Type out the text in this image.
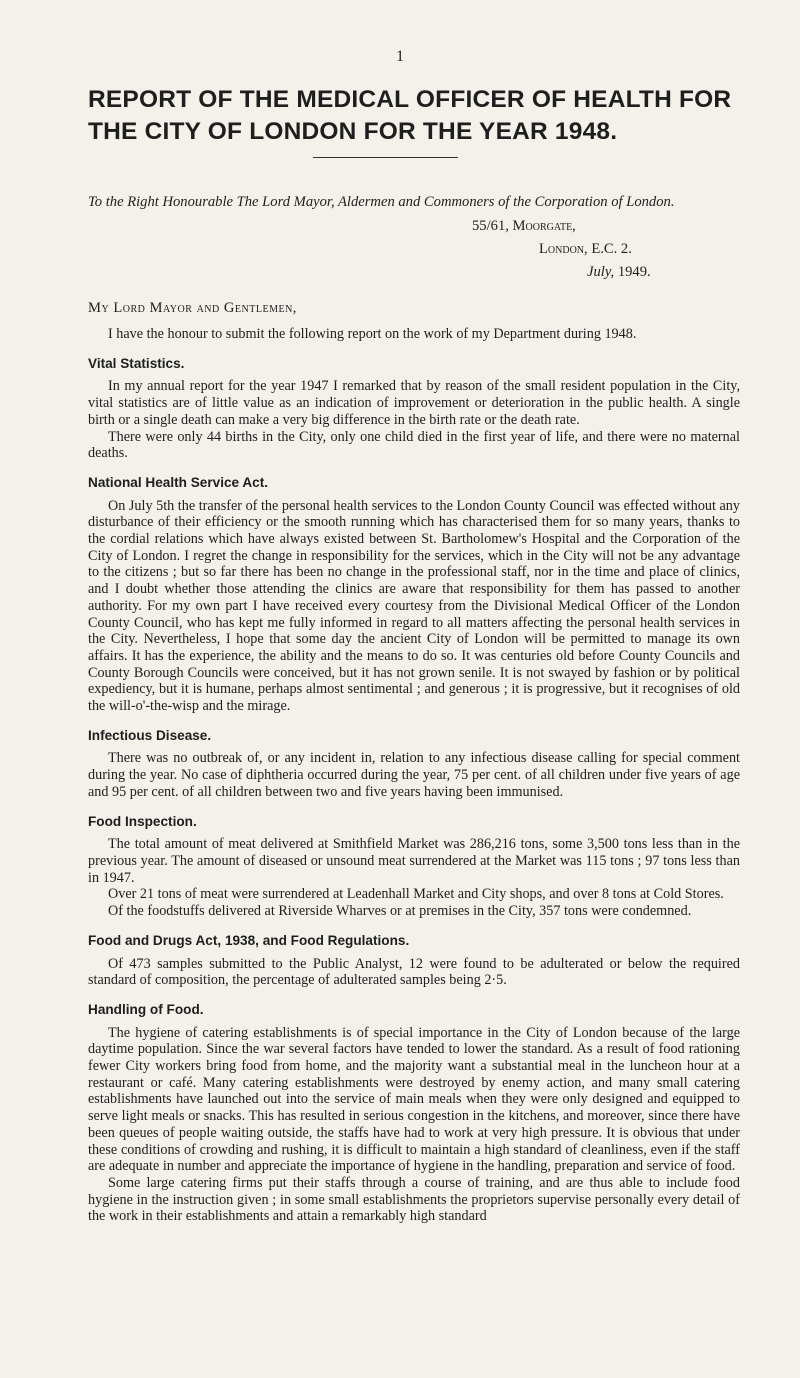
1
REPORT OF THE MEDICAL OFFICER OF HEALTH FOR THE CITY OF LONDON FOR THE YEAR 1948.
To the Right Honourable The Lord Mayor, Aldermen and Commoners of the Corporation of London.
55/61, Moorgate,
London, E.C. 2.
July, 1949.
My Lord Mayor and Gentlemen,

I have the honour to submit the following report on the work of my Department during 1948.

Vital Statistics.

In my annual report for the year 1947 I remarked that by reason of the small resident population in the City, vital statistics are of little value as an indication of improvement or deterioration in the public health. A single birth or a single death can make a very big difference in the birth rate or the death rate.

There were only 44 births in the City, only one child died in the first year of life, and there were no maternal deaths.

National Health Service Act.

On July 5th the transfer of the personal health services to the London County Council was effected without any disturbance of their efficiency or the smooth running which has characterised them for so many years, thanks to the cordial relations which have always existed between St. Bartholomew's Hospital and the Corporation of the City of London. I regret the change in responsibility for the services, which in the City will not be any advantage to the citizens ; but so far there has been no change in the professional staff, nor in the time and place of clinics, and I doubt whether those attending the clinics are aware that responsibility for them has passed to another authority. For my own part I have received every courtesy from the Divisional Medical Officer of the London County Council, who has kept me fully informed in regard to all matters affecting the personal health services in the City. Nevertheless, I hope that some day the ancient City of London will be permitted to manage its own affairs. It has the experience, the ability and the means to do so. It was centuries old before County Councils and County Borough Councils were conceived, but it has not grown senile. It is not swayed by fashion or by political expediency, but it is humane, perhaps almost sentimental ; and generous ; it is progressive, but it recognises of old the will-o'-the-wisp and the mirage.

Infectious Disease.

There was no outbreak of, or any incident in, relation to any infectious disease calling for special comment during the year. No case of diphtheria occurred during the year, 75 per cent. of all children under five years of age and 95 per cent. of all children between two and five years having been immunised.

Food Inspection.

The total amount of meat delivered at Smithfield Market was 286,216 tons, some 3,500 tons less than in the previous year. The amount of diseased or unsound meat surrendered at the Market was 115 tons ; 97 tons less than in 1947.

Over 21 tons of meat were surrendered at Leadenhall Market and City shops, and over 8 tons at Cold Stores.

Of the foodstuffs delivered at Riverside Wharves or at premises in the City, 357 tons were condemned.

Food and Drugs Act, 1938, and Food Regulations.

Of 473 samples submitted to the Public Analyst, 12 were found to be adulterated or below the required standard of composition, the percentage of adulterated samples being 2·5.

Handling of Food.

The hygiene of catering establishments is of special importance in the City of London because of the large daytime population. Since the war several factors have tended to lower the standard. As a result of food rationing fewer City workers bring food from home, and the majority want a substantial meal in the luncheon hour at a restaurant or café. Many catering establishments were destroyed by enemy action, and many small catering establishments have launched out into the service of main meals when they were only designed and equipped to serve light meals or snacks. This has resulted in serious congestion in the kitchens, and moreover, since there have been queues of people waiting outside, the staffs have had to work at very high pressure. It is obvious that under these conditions of crowding and rushing, it is difficult to maintain a high standard of cleanliness, even if the staff are adequate in number and appreciate the importance of hygiene in the handling, preparation and service of food.

Some large catering firms put their staffs through a course of training, and are thus able to include food hygiene in the instruction given ; in some small establishments the proprietors supervise personally every detail of the work in their establishments and attain a remarkably high standard
